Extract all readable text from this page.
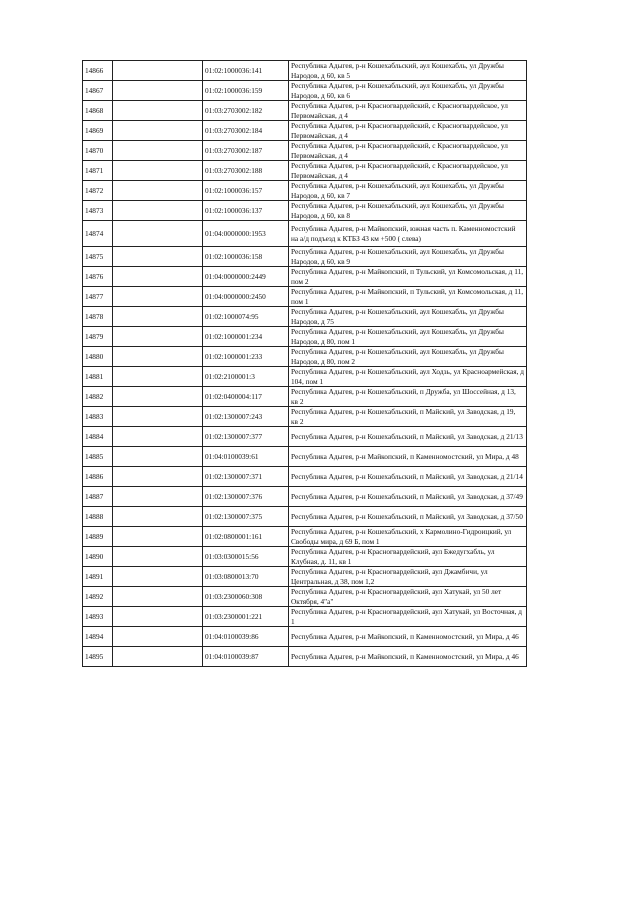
14866		01:02:1000036:141	Республика Адыгея, р-н Кошехабльский, аул Кошехабль, ул Дружбы Народов, д 60, кв 5
14867		01:02:1000036:159	Республика Адыгея, р-н Кошехабльский, аул Кошехабль, ул Дружбы Народов, д 60, кв 6
14868		01:03:2703002:182	Республика Адыгея, р-н Красногвардейский, с Красногвардейское, ул Первомайская, д 4
14869		01:03:2703002:184	Республика Адыгея, р-н Красногвардейский, с Красногвардейское, ул Первомайская, д 4
14870		01:03:2703002:187	Республика Адыгея, р-н Красногвардейский, с Красногвардейское, ул Первомайская, д 4
14871		01:03:2703002:188	Республика Адыгея, р-н Красногвардейский, с Красногвардейское, ул Первомайская, д 4
14872		01:02:1000036:157	Республика Адыгея, р-н Кошехабльский, аул Кошехабль, ул Дружбы Народов, д 60, кв 7
14873		01:02:1000036:137	Республика Адыгея, р-н Кошехабльский, аул Кошехабль, ул Дружбы Народов, д 60, кв 8
14874		01:04:0000000:1953	Республика Адыгея, р-н Майкопский, южная часть п. Каменномостский на а/д подъезд к КТБЗ 43 км +500 ( слева)
14875		01:02:1000036:158	Республика Адыгея, р-н Кошехабльский, аул Кошехабль, ул Дружбы Народов, д 60, кв 9
14876		01:04:0000000:2449	Республика Адыгея, р-н Майкопский, п Тульский, ул Комсомольская, д 11, пом 2
14877		01:04:0000000:2450	Республика Адыгея, р-н Майкопский, п Тульский, ул Комсомольская, д 11, пом 1
14878		01:02:1000074:95	Республика Адыгея, р-н Кошехабльский, аул Кошехабль, ул Дружбы Народов, д 75
14879		01:02:1000001:234	Республика Адыгея, р-н Кошехабльский, аул Кошехабль, ул Дружбы Народов, д 80, пом 1
14880		01:02:1000001:233	Республика Адыгея, р-н Кошехабльский, аул Кошехабль, ул Дружбы Народов, д 80, пом 2
14881		01:02:2100001:3	Республика Адыгея, р-н Кошехабльский, аул Ходзь, ул Красноармейская, д 104, пом 1
14882		01:02:0400004:117	Республика Адыгея, р-н Кошехабльский, п Дружба, ул Шоссейная, д 13, кв 2
14883		01:02:1300007:243	Республика Адыгея, р-н Кошехабльский, п Майский, ул Заводская, д 19, кв 2
14884		01:02:1300007:377	Республика Адыгея, р-н Кошехабльский, п Майский, ул Заводская, д 21/13
14885		01:04:0100039:61	Республика Адыгея, р-н Майкопский, п Каменномостский, ул Мира, д 48
14886		01:02:1300007:371	Республика Адыгея, р-н Кошехабльский, п Майский, ул Заводская, д 21/14
14887		01:02:1300007:376	Республика Адыгея, р-н Кошехабльский, п Майский, ул Заводская, д 37/49
14888		01:02:1300007:375	Республика Адыгея, р-н Кошехабльский, п Майский, ул Заводская, д 37/50
14889		01:02:0800001:161	Республика Адыгея, р-н Кошехабльский, х Кармолино-Гидроицкий, ул Свободы мира, д 69 Б, пом 1
14890		01:03:0300015:56	Республика Адыгея, р-н Красногвардейский, аул Бжедугхабль, ул Клубная, д. 11, кв 1
14891		01:03:0800013:70	Республика Адыгея, р-н Красногвардейский, аул Джамбичи, ул Центральная, д 38, пом 1,2
14892		01:03:2300060:308	Республика Адыгея, р-н Красногвардейский, аул Хатукай, ул 50 лет Октября, 4"а"
14893		01:03:2300001:221	Республика Адыгея, р-н Красногвардейский, аул Хатукай, ул Восточная, д 1
14894		01:04:0100039:86	Республика Адыгея, р-н Майкопский, п Каменномостский, ул Мира, д 46
14895		01:04:0100039:87	Республика Адыгея, р-н Майкопский, п Каменномостский, ул Мира, д 46
